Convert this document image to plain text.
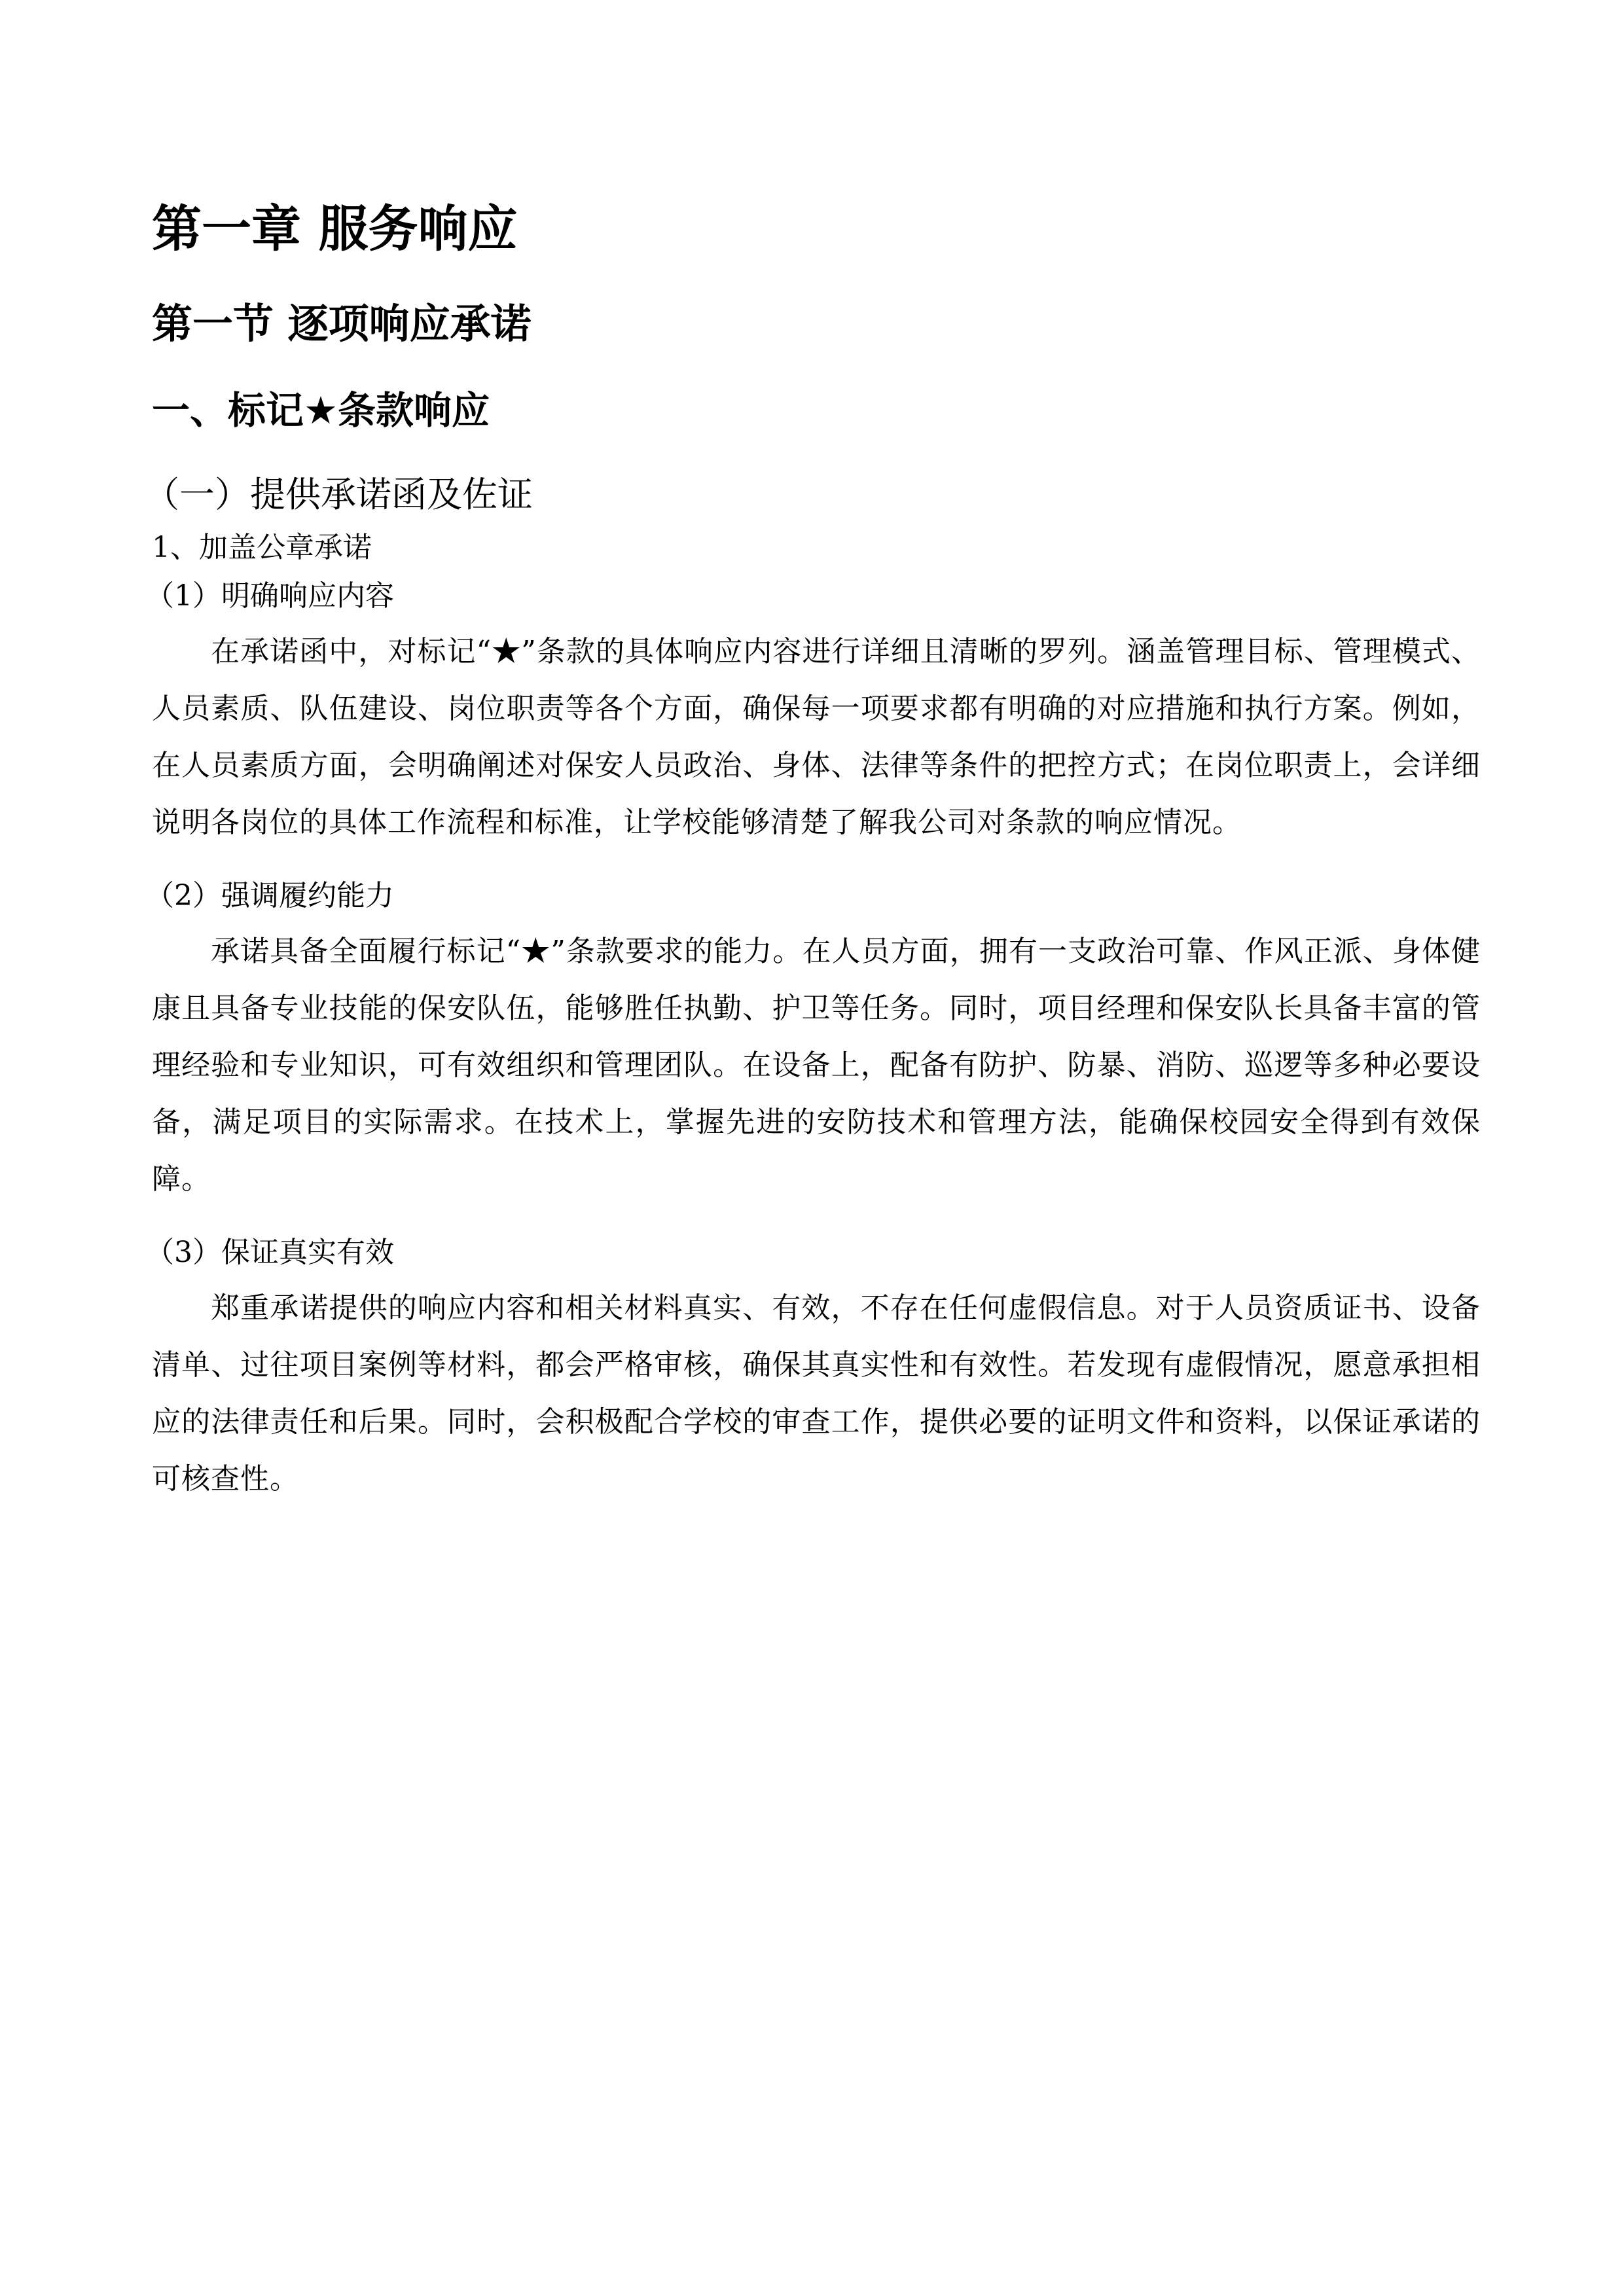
第一章 服务响应
第一节 逐项响应承诺
一、标记★条款响应
（一）提供承诺函及佐证
1、加盖公章承诺
（1）明确响应内容

在承诺函中，对标记“★”条款的具体响应内容进行详细且清晰的罗列。涵盖管理目标、管理模式、人员素质、队伍建设、岗位职责等各个方面，确保每一项要求都有明确的对应措施和执行方案。例如，在人员素质方面，会明确阐述对保安人员政治、身体、法律等条件的把控方式；在岗位职责上，会详细说明各岗位的具体工作流程和标准，让学校能够清楚了解我公司对条款的响应情况。

（2）强调履约能力

承诺具备全面履行标记“★”条款要求的能力。在人员方面，拥有一支政治可靠、作风正派、身体健康且具备专业技能的保安队伍，能够胜任执勤、护卫等任务。同时，项目经理和保安队长具备丰富的管理经验和专业知识，可有效组织和管理团队。在设备上，配备有防护、防暴、消防、巡逻等多种必要设备，满足项目的实际需求。在技术上，掌握先进的安防技术和管理方法，能确保校园安全得到有效保障。

（3）保证真实有效

郑重承诺提供的响应内容和相关材料真实、有效，不存在任何虚假信息。对于人员资质证书、设备清单、过往项目案例等材料，都会严格审核，确保其真实性和有效性。若发现有虚假情况，愿意承担相应的法律责任和后果。同时，会积极配合学校的审查工作，提供必要的证明文件和资料，以保证承诺的可核查性。
